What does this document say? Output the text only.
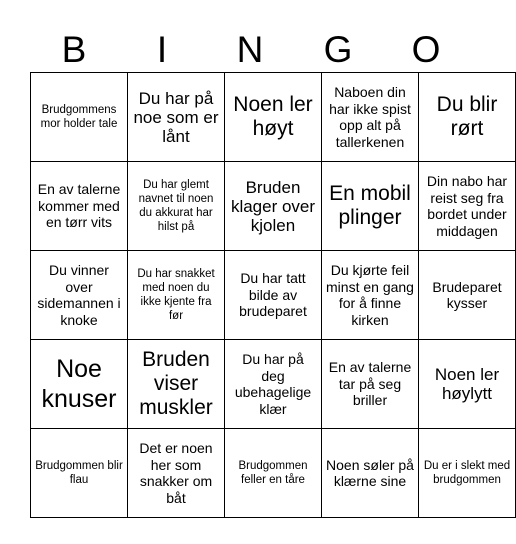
B	I	N	G	O
Brudgommens mor holder tale	Du har på noe som er lånt	Noen ler høyt	Naboen din har ikke spist opp alt på tallerkenen	Du blir rørt
En av talerne kommer med en tørr vits	Du har glemt navnet til noen du akkurat har hilst på	Bruden klager over kjolen	En mobil plinger	Din nabo har reist seg fra bordet under middagen
Du vinner over sidemannen i knoke	Du har snakket med noen du ikke kjente fra før	Du har tatt bilde av brudeparet	Du kjørte feil minst en gang for å finne kirken	Brudeparet kysser
Noe knuser	Bruden viser muskler	Du har på deg ubehagelige klær	En av talerne tar på seg briller	Noen ler høylytt
Brudgommen blir flau	Det er noen her som snakker om båt	Brudgommen feller en tåre	Noen søler på klærne sine	Du er i slekt med brudgommen
